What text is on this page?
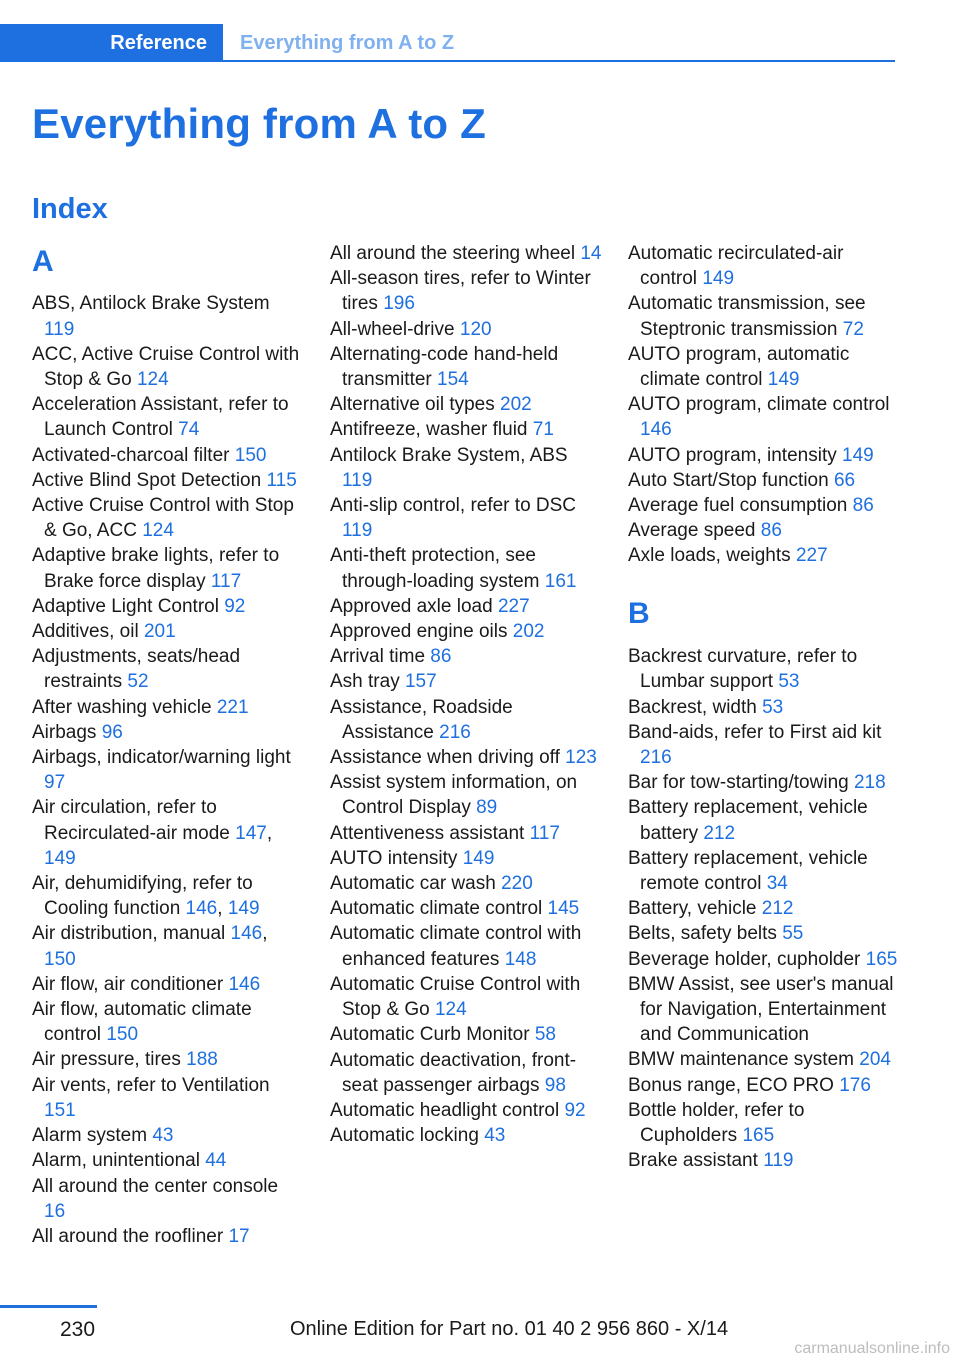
Reference	Everything from A to Z
Everything from A to Z
Index
A
ABS, Antilock Brake System 119
ACC, Active Cruise Control with Stop & Go 124
Acceleration Assistant, refer to Launch Control 74
Activated-charcoal filter 150
Active Blind Spot Detection 115
Active Cruise Control with Stop & Go, ACC 124
Adaptive brake lights, refer to Brake force display 117
Adaptive Light Control 92
Additives, oil 201
Adjustments, seats/head restraints 52
After washing vehicle 221
Airbags 96
Airbags, indicator/warning light 97
Air circulation, refer to Recirculated-air mode 147, 149
Air, dehumidifying, refer to Cooling function 146, 149
Air distribution, manual 146, 150
Air flow, air conditioner 146
Air flow, automatic climate control 150
Air pressure, tires 188
Air vents, refer to Ventilation 151
Alarm system 43
Alarm, unintentional 44
All around the center console 16
All around the roofliner 17
All around the steering wheel 14
All-season tires, refer to Winter tires 196
All-wheel-drive 120
Alternating-code hand-held transmitter 154
Alternative oil types 202
Antifreeze, washer fluid 71
Antilock Brake System, ABS 119
Anti-slip control, refer to DSC 119
Anti-theft protection, see through-loading system 161
Approved axle load 227
Approved engine oils 202
Arrival time 86
Ash tray 157
Assistance, Roadside Assistance 216
Assistance when driving off 123
Assist system information, on Control Display 89
Attentiveness assistant 117
AUTO intensity 149
Automatic car wash 220
Automatic climate control 145
Automatic climate control with enhanced features 148
Automatic Cruise Control with Stop & Go 124
Automatic Curb Monitor 58
Automatic deactivation, front-seat passenger airbags 98
Automatic headlight control 92
Automatic locking 43
Automatic recirculated-air control 149
Automatic transmission, see Steptronic transmission 72
AUTO program, automatic climate control 149
AUTO program, climate control 146
AUTO program, intensity 149
Auto Start/Stop function 66
Average fuel consumption 86
Average speed 86
Axle loads, weights 227
B
Backrest curvature, refer to Lumbar support 53
Backrest, width 53
Band-aids, refer to First aid kit 216
Bar for tow-starting/towing 218
Battery replacement, vehicle battery 212
Battery replacement, vehicle remote control 34
Battery, vehicle 212
Belts, safety belts 55
Beverage holder, cupholder 165
BMW Assist, see user's manual for Navigation, Entertainment and Communication
BMW maintenance system 204
Bonus range, ECO PRO 176
Bottle holder, refer to Cupholders 165
Brake assistant 119
230	Online Edition for Part no. 01 40 2 956 860 - X/14
carmanualsonline.info
